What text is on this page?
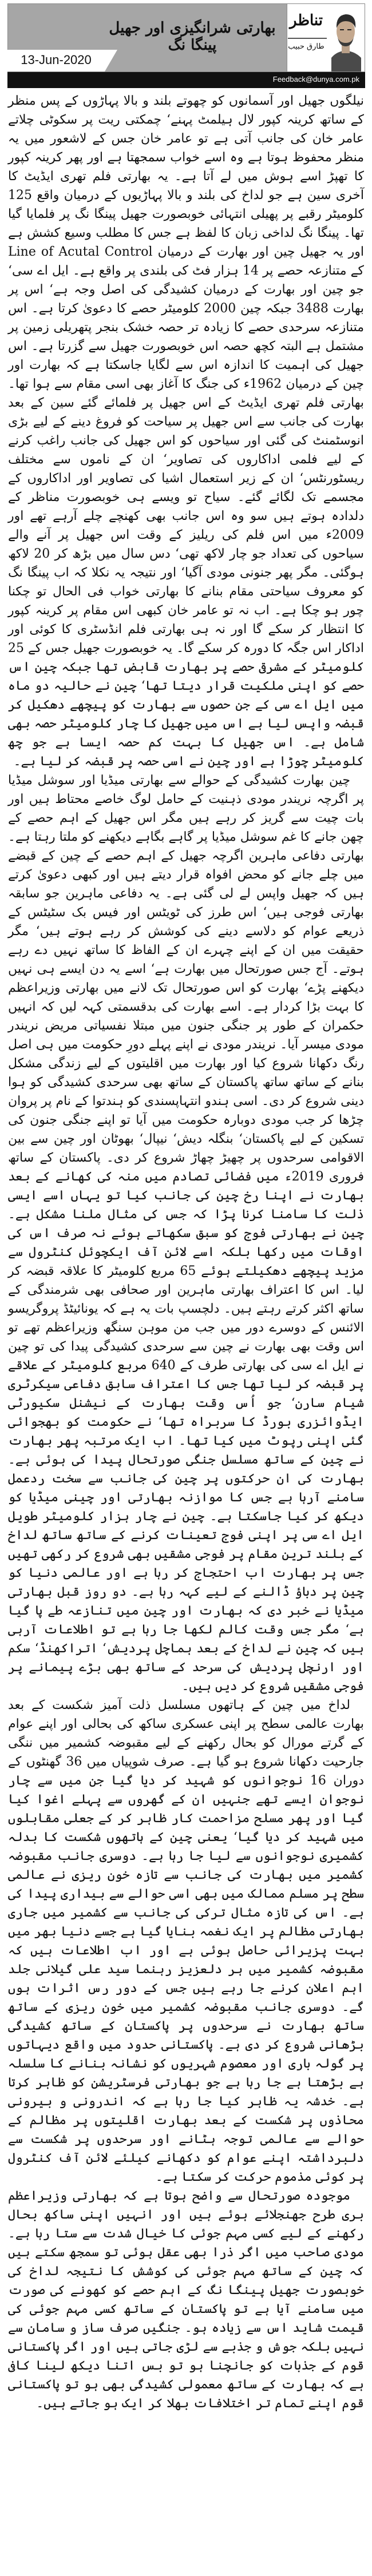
بھارتی شرانگیزی اور جھیل پینگا نگ
13-Jun-2020
تناظر
طارق حبیب
Feedback@dunya.com.pk

نیلگوں جھیل اور آسمانوں کو چھوتے بلند و بالا پہاڑوں کے پس منظر کے ساتھ کرینہ کپور لال ہیلمٹ پہنے‘ چمکتی ریت پر سکوٹی چلاتے عامر خان کی جانب آتی ہے تو عامر خان جس کے لاشعور میں یہ منظر محفوظ ہوتا ہے وہ اسے خواب سمجھتا ہے اور پھر کرینہ کپور کا تھپڑ اسے ہوش میں لے آتا ہے۔ یہ بھارتی فلم تھری ایڈیٹ کا آخری سین ہے جو لداخ کی بلند و بالا پہاڑیوں کے درمیان واقع 125 کلومیٹر رقبے پر پھیلی انتہائی خوبصورت جھیل پینگا نگ پر فلمایا گیا تھا۔ پینگا نگ لداخی زبان کا لفظ ہے جس کا مطلب وسیع کشش ہے اور یہ جھیل چین اور بھارت کے درمیان Line of Acutal Control کے متنازعہ حصے پر 14 ہزار فٹ کی بلندی پر واقع ہے۔ ایل اے سی‘ جو چین اور بھارت کے درمیان کشیدگی کی اصل وجہ ہے‘ اس پر بھارت 3488 جبکہ چین 2000 کلومیٹر حصے کا دعویٰ کرتا ہے۔ اس متنازعہ سرحدی حصے کا زیادہ تر حصہ خشک بنجر پتھریلی زمین پر مشتمل ہے البتہ کچھ حصہ اس خوبصورت جھیل سے گزرتا ہے۔ اس جھیل کی اہمیت کا اندازہ اس سے لگایا جاسکتا ہے کہ بھارت اور چین کے درمیان 1962ء کی جنگ کا آغاز بھی اسی مقام سے ہوا تھا۔ بھارتی فلم تھری ایڈیٹ کے اس جھیل پر فلمائے گئے سین کے بعد بھارت کی جانب سے اس جھیل پر سیاحت کو فروغ دینے کے لیے بڑی انوسٹمنٹ کی گئی اور سیاحوں کو اس جھیل کی جانب راغب کرنے کے لیے فلمی اداکاروں کی تصاویر‘ ان کے ناموں سے مختلف ریسٹورنٹس‘ ان کے زیر استعمال اشیا کی تصاویر اور اداکاروں کے مجسمے تک لگائے گئے۔ سیاح تو ویسے ہی خوبصورت مناظر کے دلدادہ ہوتے ہیں سو وہ اس جانب بھی کھنچے چلے آرہے تھے اور 2009ء میں اس فلم کی ریلیز کے وقت اس جھیل پر آنے والے سیاحوں کی تعداد جو چار لاکھ تھی‘ دس سال میں بڑھ کر 20 لاکھ ہوگئی۔ مگر پھر جنونی مودی آگیا‘ اور نتیجہ یہ نکلا کہ اب پینگا نگ کو معروف سیاحتی مقام بنانے کا بھارتی خواب فی الحال تو چکنا چور ہو چکا ہے۔ اب نہ تو عامر خان کبھی اس مقام پر کرینہ کپور کا انتظار کر سکے گا اور نہ ہی بھارتی فلم انڈسٹری کا کوئی اور اداکار اس جگہ کا دورہ کر سکے گا۔ یہ خوبصورت جھیل جس کے 25 کلومیٹر کے مشرقی حصے پر بھارت قابض تھا جبکہ چین اس حصے کو اپنی ملکیت قرار دیتا تھا‘ چین نے حالیہ دو ماہ میں ایل اے سی کے جن حصوں سے بھارت کو پیچھے دھکیل کر قبضہ واپس لیا ہے اس میں جھیل کا چار کلومیٹر حصہ بھی شامل ہے۔ اس جھیل کا بہت کم حصہ ایسا ہے جو چھ کلومیٹر چوڑا ہے اور چین نے اسی حصہ پر قبضہ کر لیا ہے۔

چین بھارت کشیدگی کے حوالے سے بھارتی میڈیا اور سوشل میڈیا پر اگرچہ نریندر مودی ذہنیت کے حامل لوگ خاصے محتاط ہیں اور بات چیت سے گریز کر رہے ہیں مگر اس جھیل کے اہم حصے کے چھن جانے کا غم سوشل میڈیا پر گاہے بگاہے دیکھنے کو ملتا رہتا ہے۔ بھارتی دفاعی ماہرین اگرچہ جھیل کے اہم حصے کے چین کے قبضے میں چلے جانے کو محض افواہ قرار دیتے ہیں اور کبھی دعویٰ کرتے ہیں کہ جھیل واپس لے لی گئی ہے۔ یہ دفاعی ماہرین جو سابقہ بھارتی فوجی ہیں‘ اس طرز کی ٹویٹس اور فیس بک سٹیٹس کے ذریعے عوام کو دلاسے دینے کی کوشش کر رہے ہوتے ہیں‘ مگر حقیقت میں ان کے اپنے چہرے ان کے الفاظ کا ساتھ نہیں دے رہے ہوتے۔ آج جس صورتحال میں بھارت ہے‘ اسے یہ دن ایسے ہی نہیں دیکھنے پڑے‘ بھارت کو اس صورتحال تک لانے میں بھارتی وزیراعظم کا بہت بڑا کردار ہے۔ اسے بھارت کی بدقسمتی کہہ لیں کہ انہیں حکمران کے طور پر جنگی جنون میں مبتلا نفسیاتی مریض نریندر مودی میسر آیا۔ نریندر مودی نے اپنے پہلے دورِ حکومت میں ہی اصل رنگ دکھانا شروع کیا اور بھارت میں اقلیتوں کے لیے زندگی مشکل بنانے کے ساتھ ساتھ پاکستان کے ساتھ بھی سرحدی کشیدگی کو ہوا دینی شروع کر دی۔ اسی ہندو انتہاپسندی کو ہندتوا کے نام پر پروان چڑھا کر جب مودی دوبارہ حکومت میں آیا تو اپنے جنگی جنون کی تسکین کے لیے پاکستان‘ بنگلہ دیش‘ نیپال‘ بھوٹان اور چین سے بین الاقوامی سرحدوں پر چھیڑ چھاڑ شروع کر دی۔ پاکستان کے ساتھ فروری 2019ء میں فضائی تصادم میں منہ کی کھانے کے بعد بھارت نے اپنا رخ چین کی جانب کیا تو یہاں اسے ایسی ذلت کا سامنا کرنا پڑا کہ جس کی مثال ملنا مشکل ہے۔ چین نے بھارتی فوج کو سبق سکھاتے ہوئے نہ صرف اس کی اوقات میں رکھا بلکہ اسے لائن آف ایکچوئل کنٹرول سے مزید پیچھے دھکیلتے ہوئے 65 مربع کلومیٹر کا علاقہ قبضہ کر لیا۔ اس کا اعتراف بھارتی ماہرین اور صحافی بھی شرمندگی کے ساتھ اکثر کرتے رہتے ہیں۔ دلچسپ بات یہ ہے کہ یونائیٹڈ پروگریسو الائنس کے دوسرے دور میں جب من موہن سنگھ وزیراعظم تھے تو اس وقت بھی بھارت نے چین سے سرحدی کشیدگی پیدا کی تو چین نے ایل اے سی کی بھارتی طرف کے 640 مربع کلومیٹر کے علاقے پر قبضہ کر لیا تھا جس کا اعتراف سابق دفاعی سیکرٹری شیام سارن‘ جو اُس وقت بھارت کے نیشنل سکیورٹی ایڈوائزری بورڈ کا سربراہ تھا‘ نے حکومت کو بھجوائی گئی اپنی رپوٹ میں کیا تھا۔ اب ایک مرتبہ پھر بھارت نے چین کے ساتھ مسلسل جنگی صورتحال پیدا کی ہوئی ہے۔ بھارت کی ان حرکتوں پر چین کی جانب سے سخت ردعمل سامنے آرہا ہے جس کا موازنہ بھارتی اور چینی میڈیا کو دیکھ کر کیا جاسکتا ہے۔ چین نے چار ہزار کلومیٹر طویل ایل اے سی پر اپنی فوج تعینات کرنے کے ساتھ ساتھ لداخ کے بلند ترین مقام پر فوجی مشقیں بھی شروع کر رکھی تھیں جس پر بھارت اب احتجاج کر رہا ہے اور عالمی دنیا کو چین پر دباؤ ڈالنے کے لیے کہہ رہا ہے۔ دو روز قبل بھارتی میڈیا نے خبر دی کہ بھارت اور چین میں تنازعہ طے پا گیا ہے‘ مگر جس وقت کالم لکھا جا رہا ہے تو اطلاعات آرہی ہیں کہ چین نے لداخ کے بعد ہماچل پردیش‘ اتراکھنڈ‘ سکم اور ارنچل پردیش کی سرحد کے ساتھ بھی بڑے پیمانے پر فوجی مشقیں شروع کر دیں ہیں۔

لداخ میں چین کے ہاتھوں مسلسل ذلت آمیز شکست کے بعد بھارت عالمی سطح پر اپنی عسکری ساکھ کی بحالی اور اپنے عوام کے گرتے مورال کو بحال رکھنے کے لیے مقبوضہ کشمیر میں ننگی جارحیت دکھانا شروع ہو گیا ہے۔ صرف شوپیاں میں 36 گھنٹوں کے دوران 16 نوجوانوں کو شہید کر دیا گیا جن میں سے چار نوجوان ایسے تھے جنہیں ان کے گھروں سے پہلے اغوا کیا گیا اور پھر مسلح مزاحمت کار ظاہر کر کے جعلی مقابلوں میں شہید کر دیا گیا‘ یعنی چین کے ہاتھوں شکست کا بدلہ کشمیری نوجوانوں سے لیا جا رہا ہے۔ دوسری جانب مقبوضہ کشمیر میں بھارت کی جانب سے تازہ خون ریزی نے عالمی سطح پر مسلم ممالک میں بھی اسی حوالے سے بیداری پیدا کی ہے۔ اس کی تازہ مثال ترکی کی جانب سے کشمیر میں جاری بھارتی مظالم پر ایک نغمہ بنایا گیا ہے جسے دنیا بھر میں بہت پزیرائی حاصل ہوئی ہے اور اب اطلاعات ہیں کہ مقبوضہ کشمیر میں ہر دلعزیز رہنما سید علی گیلانی جلد اہم اعلان کرنے جا رہے ہیں جس کے دور رس اثرات ہوں گے۔ دوسری جانب مقبوضہ کشمیر میں خون ریزی کے ساتھ ساتھ بھارت نے سرحدوں پر پاکستان کے ساتھ کشیدگی بڑھانی شروع کر دی ہے۔ پاکستانی حدود میں واقع دیہاتوں پر گولہ باری اور معصوم شہریوں کو نشانہ بنانے کا سلسلہ ہے بڑھتا ہے جا رہا ہے جو بھارتی فرسٹریشن کو ظاہر کرتا ہے۔ خدشہ یہ ظاہر کیا جا رہا ہے کہ اندرونی و بیرونی محاذوں پر شکست کے بعد بھارت اقلیتوں پر مظالم کے حوالے سے عالمی توجہ ہٹانے اور سرحدوں پر شکست سے دلبرداشتہ اپنے عوام کو دکھانے کیلئے لائن آف کنٹرول پر کوئی مذموم حرکت کر سکتا ہے۔

موجودہ صورتحال سے واضح ہوتا ہے کہ بھارتی وزیراعظم بری طرح جھنجلائے ہوئے ہیں اور انہیں اپنی ساکھ بحال رکھنے کے لیے کسی مہم جوئی کا خیال شدت سے ستا رہا ہے۔ مودی صاحب میں اگر ذرا بھی عقل ہوئی تو سمجھ سکتے ہیں کہ چین کے ساتھ مہم جوئی کی کوشش کا نتیجہ لداخ کی خوبصورت جھیل پینگا نگ کے اہم حصے کو کھونے کی صورت میں سامنے آیا ہے تو پاکستان کے ساتھ کسی مہم جوئی کی قیمت شاید اس سے زیادہ ہو۔ جنگیں صرف ساز و سامان سے نہیں بلکہ جوش و جذبے سے لڑی جاتی ہیں اور اگر پاکستانی قوم کے جذبات کو جانچنا ہو تو بس اتنا دیکھ لینا کافی ہے کہ بھارت کے ساتھ معمولی کشیدگی بھی ہو تو پاکستانی قوم اپنے تمام تر اختلافات بھلا کر ایک ہو جاتے ہیں۔
